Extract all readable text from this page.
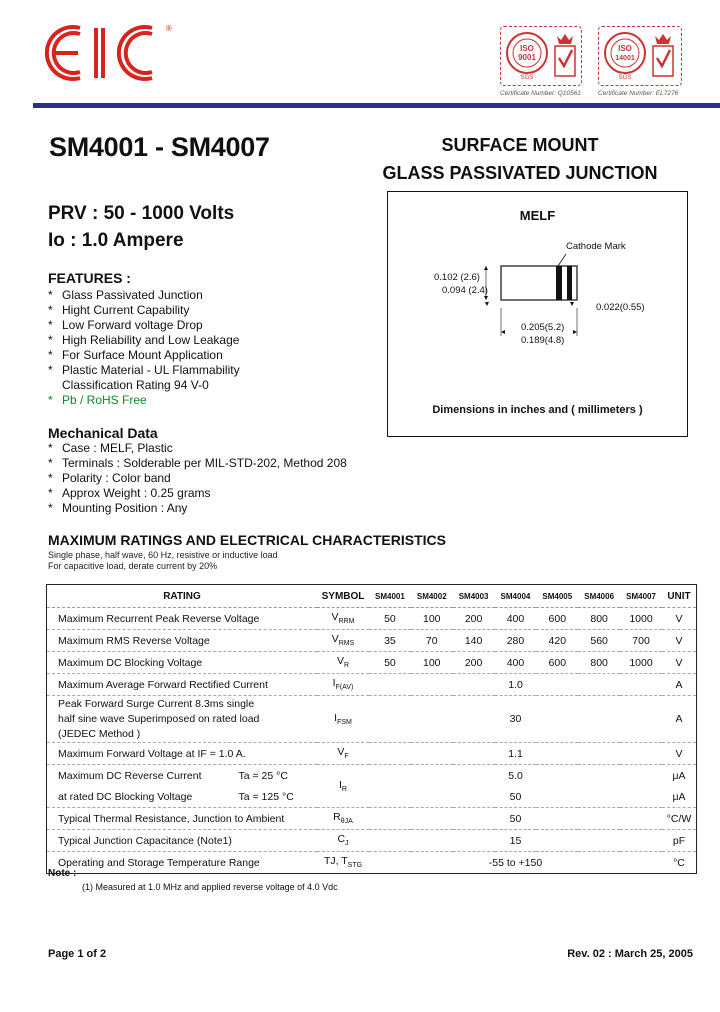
®
ISO
9001
SGS
ISO
14001
SGS
Certificate Number: Q10561	Certificate Number: EL7276
SM4001 - SM4007	SURFACE MOUNT
GLASS PASSIVATED JUNCTION
PRV : 50 - 1000 Volts
Io : 1.0 Ampere
FEATURES :
* Glass Passivated Junction
* Hight Current Capability
* Low Forward voltage Drop
* High Reliability and Low Leakage
* For Surface Mount Application
* Plastic Material - UL Flammability
Classification Rating 94 V-0
* Pb / RoHS Free
Mechanical Data
* Case : MELF, Plastic
* Terminals : Solderable per MIL-STD-202, Method 208
* Polarity : Color band
* Approx Weight : 0.25 grams
* Mounting Position : Any
MELF
Cathode Mark
0.102 (2.6)
0.094 (2.4)
0.022(0.55)
0.205(5.2)
0.189(4.8)
Dimensions in inches and ( millimeters )
MAXIMUM RATINGS AND ELECTRICAL CHARACTERISTICS
Single phase, half wave, 60 Hz, resistive or inductive load
For capacitive load, derate current by 20%
RATING	SYMBOL	SM4001	SM4002	SM4003	SM4004	SM4005	SM4006	SM4007	UNIT
Maximum Recurrent Peak Reverse Voltage	$V_{RRM}$	50	100	200	400	600	800	1000	V
Maximum RMS Reverse Voltage	$V_{RMS}$	35	70	140	280	420	560	700	V
Maximum DC Blocking Voltage	$V_R$	50	100	200	400	600	800	1000	V
Maximum Average Forward Rectified Current	$I_{F(AV)}$	1.0							A

Peak Forward Surge Current 8.3ms single
half sine wave Superimposed on rated load
(JEDEC Method )	$I_{FSM}$	30							A
Maximum Forward Voltage at IF = 1.0 A.	$V_F$	1.1							V
Maximum DC Reverse Current Ta = 25 °C	$I_R$	5.0							μA
at rated DC Blocking Voltage Ta = 125 °C		50							μA
Typical Thermal Resistance, Junction to Ambient	$R_{\theta JA}$	50							°C/W
Typical Junction Capacitance (Note1)	$C_J$	15							pF
Operating and Storage Temperature Range	TJ, $T_{STG}$	-55 to +150							°C
Note :
(1) Measured at 1.0 MHz and applied reverse voltage of 4.0 Vdc
Page 1 of 2	Rev. 02 : March 25, 2005
